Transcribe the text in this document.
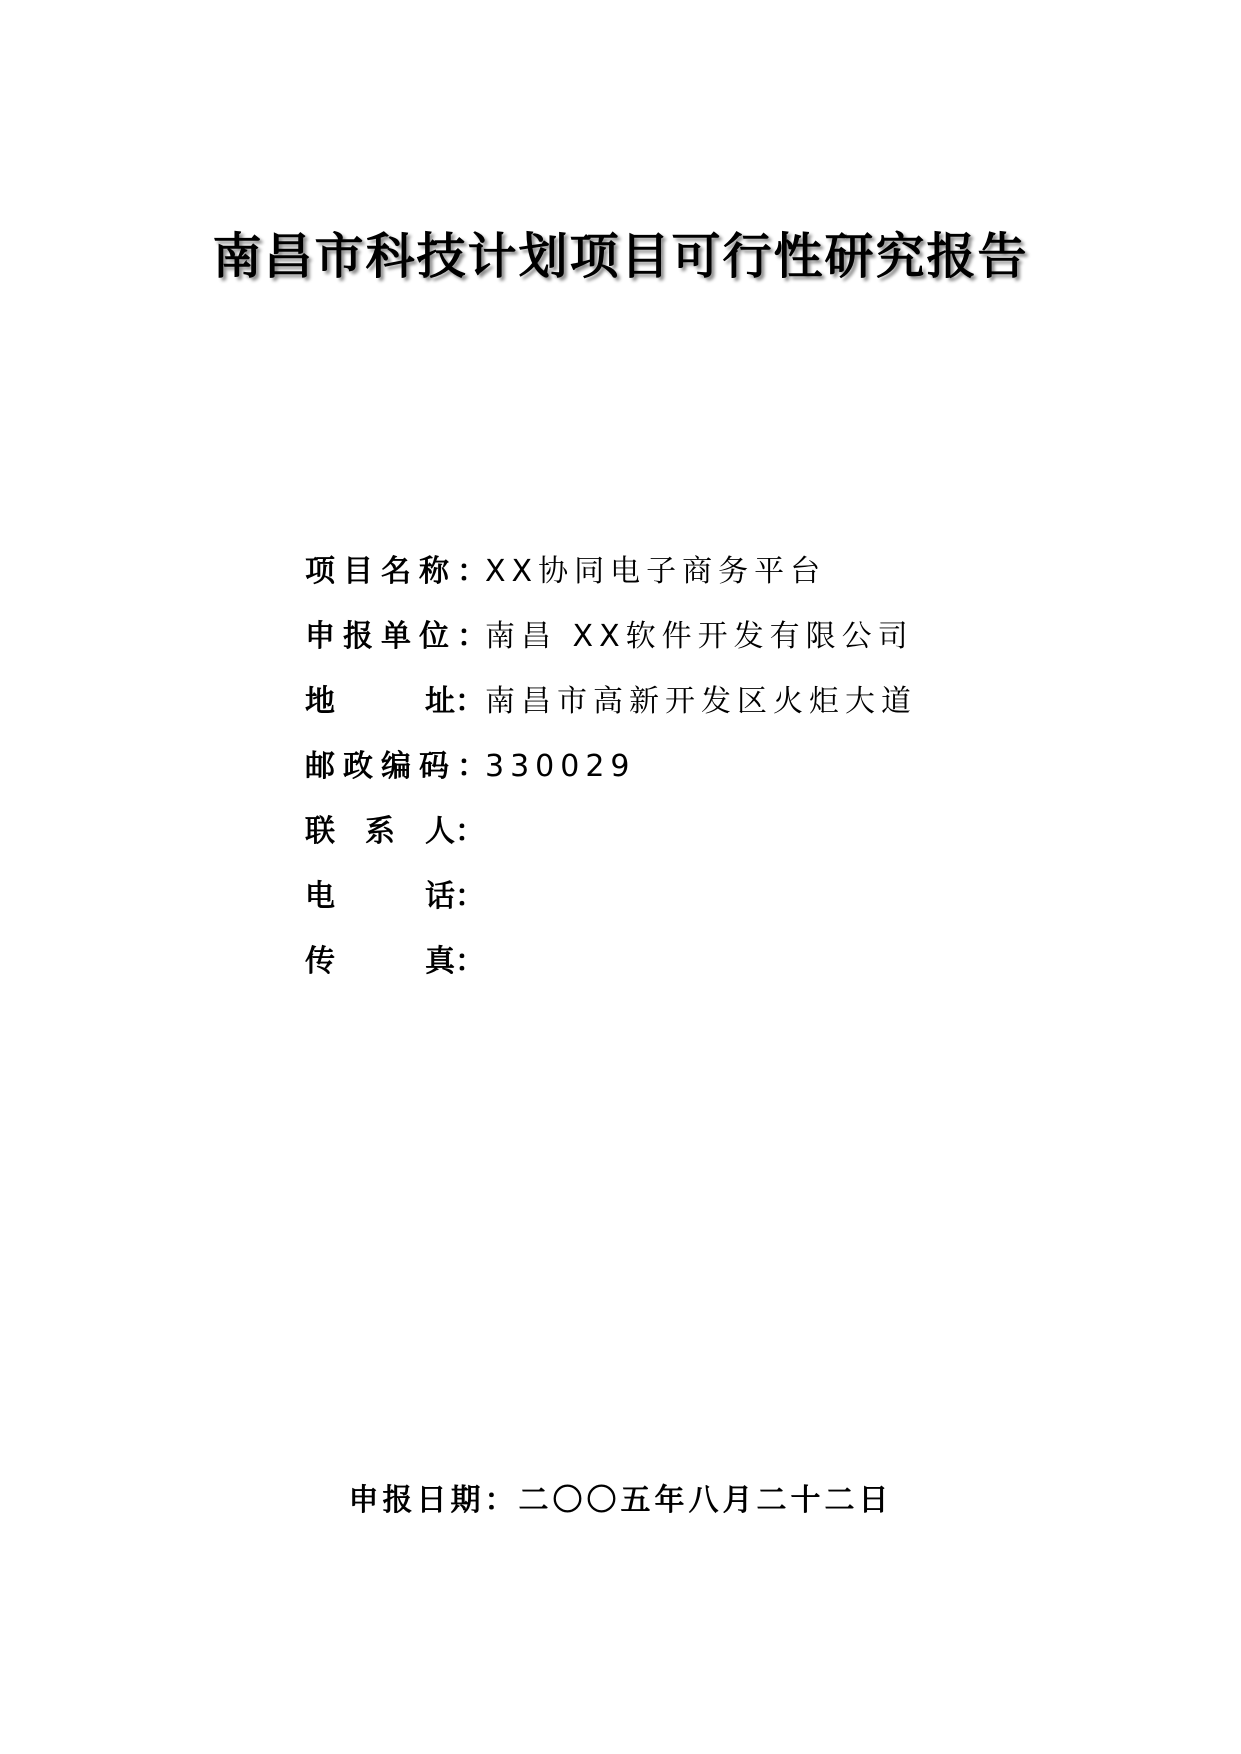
南昌市科技计划项目可行性研究报告
项目名称：XX协同电子商务平台
申报单位：南昌 XX软件开发有限公司
地	址： 南昌市高新开发区火炬大道
邮政编码：330029
联 系 人：
电	话：
传	真：
申报日期：二〇〇五年八月二十二日
